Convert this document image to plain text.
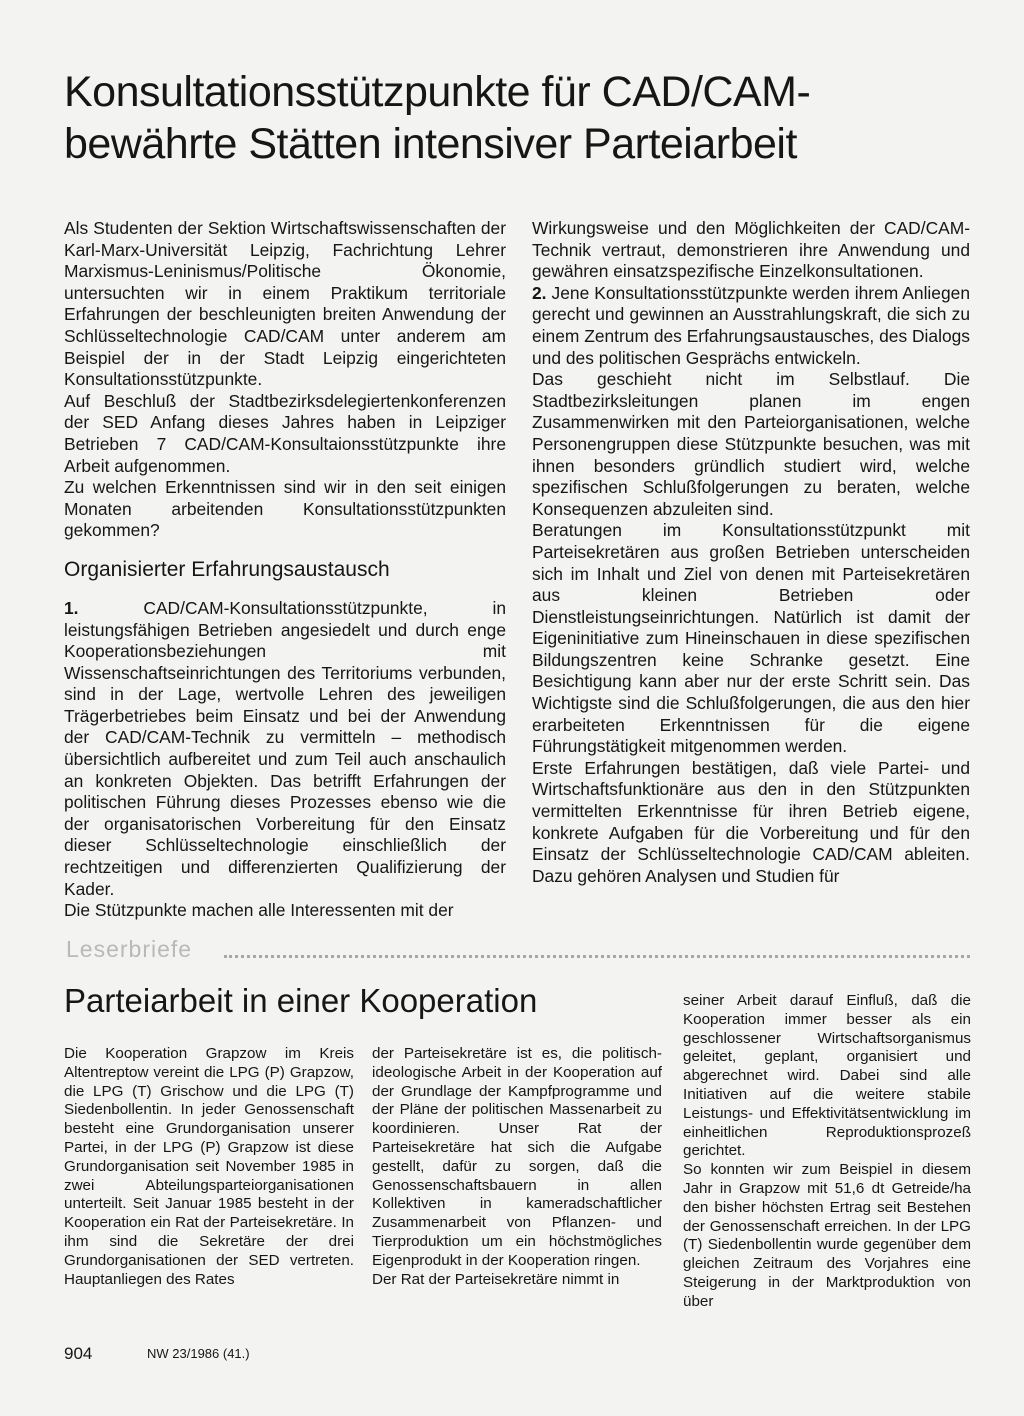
Konsultationsstützpunkte für CAD/CAM-
bewährte Stätten intensiver Parteiarbeit

Als Studenten der Sektion Wirtschaftswissenschaften der Karl-Marx-Universität Leipzig, Fachrichtung Lehrer Marxismus-Leninismus/Politische Ökonomie, untersuchten wir in einem Praktikum territoriale Erfahrungen der beschleunigten breiten Anwendung der Schlüsseltechnologie CAD/CAM unter anderem am Beispiel der in der Stadt Leipzig eingerichteten Konsultationsstützpunkte.

Auf Beschluß der Stadtbezirksdelegiertenkonferenzen der SED Anfang dieses Jahres haben in Leipziger Betrieben 7 CAD/CAM-Konsultaionsstützpunkte ihre Arbeit aufgenommen.

Zu welchen Erkenntnissen sind wir in den seit einigen Monaten arbeitenden Konsultationsstützpunkten gekommen?

Organisierter Erfahrungsaustausch

1. CAD/CAM-Konsultationsstützpunkte, in leistungsfähigen Betrieben angesiedelt und durch enge Kooperationsbeziehungen mit Wissenschaftseinrichtungen des Territoriums verbunden, sind in der Lage, wertvolle Lehren des jeweiligen Trägerbetriebes beim Einsatz und bei der Anwendung der CAD/CAM-Technik zu vermitteln – methodisch übersichtlich aufbereitet und zum Teil auch anschaulich an konkreten Objekten. Das betrifft Erfahrungen der politischen Führung dieses Prozesses ebenso wie die der organisatorischen Vorbereitung für den Einsatz dieser Schlüsseltechnologie einschließlich der rechtzeitigen und differenzierten Qualifizierung der Kader.

Die Stützpunkte machen alle Interessenten mit der

Wirkungsweise und den Möglichkeiten der CAD/CAM-Technik vertraut, demonstrieren ihre Anwendung und gewähren einsatzspezifische Einzelkonsultationen.

2. Jene Konsultationsstützpunkte werden ihrem Anliegen gerecht und gewinnen an Ausstrahlungskraft, die sich zu einem Zentrum des Erfahrungsaustausches, des Dialogs und des politischen Gesprächs entwickeln.

Das geschieht nicht im Selbstlauf. Die Stadtbezirksleitungen planen im engen Zusammenwirken mit den Parteiorganisationen, welche Personengruppen diese Stützpunkte besuchen, was mit ihnen besonders gründlich studiert wird, welche spezifischen Schlußfolgerungen zu beraten, welche Konsequenzen abzuleiten sind.

Beratungen im Konsultationsstützpunkt mit Parteisekretären aus großen Betrieben unterscheiden sich im Inhalt und Ziel von denen mit Parteisekretären aus kleinen Betrieben oder Dienstleistungseinrichtungen. Natürlich ist damit der Eigeninitiative zum Hineinschauen in diese spezifischen Bildungszentren keine Schranke gesetzt. Eine Besichtigung kann aber nur der erste Schritt sein. Das Wichtigste sind die Schlußfolgerungen, die aus den hier erarbeiteten Erkenntnissen für die eigene Führungstätigkeit mitgenommen werden.

Erste Erfahrungen bestätigen, daß viele Partei- und Wirtschaftsfunktionäre aus den in den Stützpunkten vermittelten Erkenntnisse für ihren Betrieb eigene, konkrete Aufgaben für die Vorbereitung und für den Einsatz der Schlüsseltechnologie CAD/CAM ableiten. Dazu gehören Analysen und Studien für

Leserbriefe
Parteiarbeit in einer Kooperation

Die Kooperation Grapzow im Kreis Altentreptow vereint die LPG (P) Grapzow, die LPG (T) Grischow und die LPG (T) Siedenbollentin. In jeder Genossenschaft besteht eine Grundorganisation unserer Partei, in der LPG (P) Grapzow ist diese Grundorganisation seit November 1985 in zwei Abteilungsparteiorganisationen unterteilt. Seit Januar 1985 besteht in der Kooperation ein Rat der Parteisekretäre. In ihm sind die Sekretäre der drei Grundorganisationen der SED vertreten. Hauptanliegen des Rates

der Parteisekretäre ist es, die politisch-ideologische Arbeit in der Kooperation auf der Grundlage der Kampfprogramme und der Pläne der politischen Massenarbeit zu koordinieren. Unser Rat der Parteisekretäre hat sich die Aufgabe gestellt, dafür zu sorgen, daß die Genossenschaftsbauern in allen Kollektiven in kameradschaftlicher Zusammenarbeit von Pflanzen- und Tierproduktion um ein höchstmögliches Eigenprodukt in der Kooperation ringen.

Der Rat der Parteisekretäre nimmt in

seiner Arbeit darauf Einfluß, daß die Kooperation immer besser als ein geschlossener Wirtschaftsorganismus geleitet, geplant, organisiert und abgerechnet wird. Dabei sind alle Initiativen auf die weitere stabile Leistungs- und Effektivitätsentwicklung im einheitlichen Reproduktionsprozeß gerichtet.

So konnten wir zum Beispiel in diesem Jahr in Grapzow mit 51,6 dt Getreide/ha den bisher höchsten Ertrag seit Bestehen der Genossenschaft erreichen. In der LPG (T) Siedenbollentin wurde gegenüber dem gleichen Zeitraum des Vorjahres eine Steigerung in der Marktproduktion von über

904	NW 23/1986 (41.)
